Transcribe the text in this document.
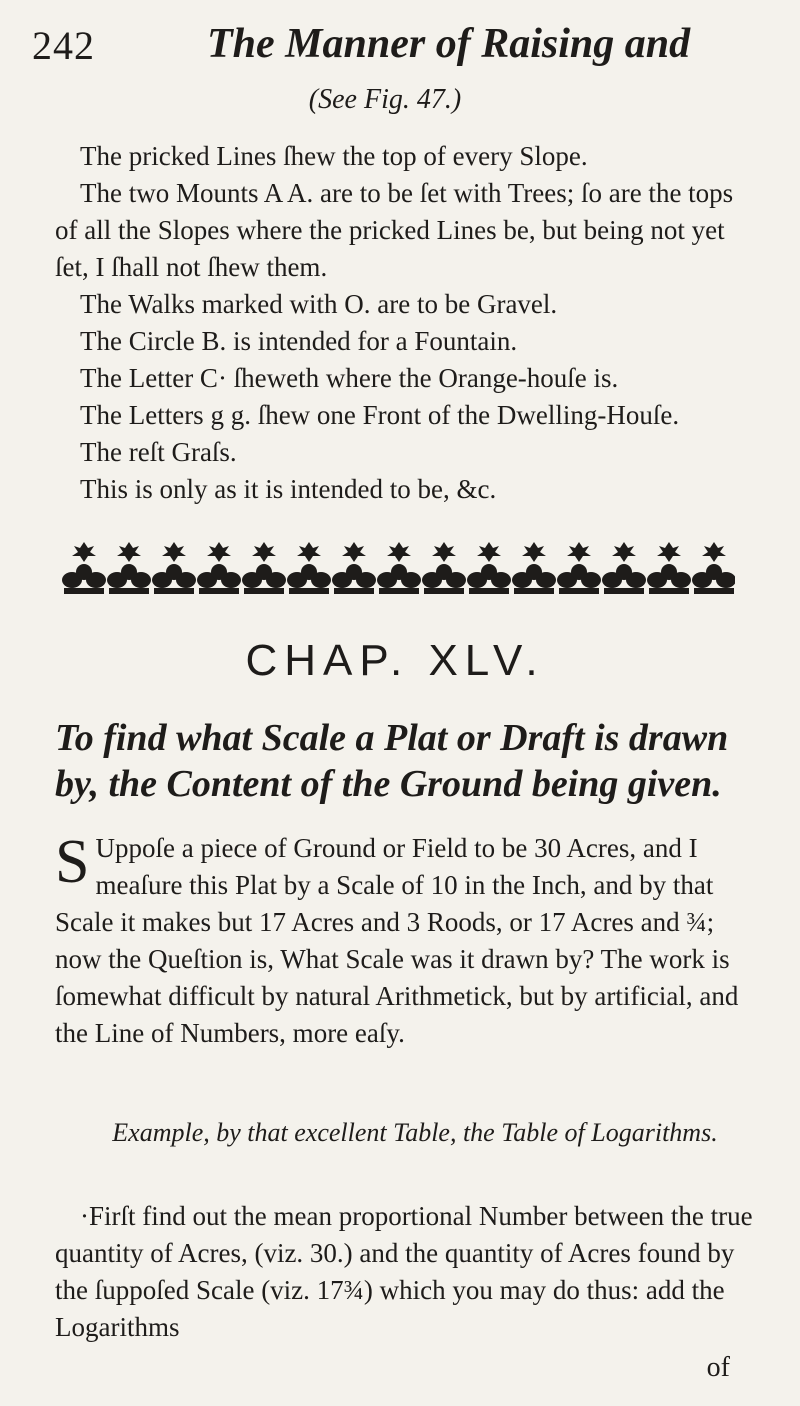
242	The Manner of Raising and
(See Fig. 47.)

The pricked Lines ſhew the top of every Slope.

The two Mounts A A. are to be ſet with Trees; ſo are the tops of all the Slopes where the pricked Lines be, but being not yet ſet, I ſhall not ſhew them.

The Walks marked with O. are to be Gravel.

The Circle B. is intended for a Fountain.

The Letter C· ſheweth where the Orange-houſe is.

The Letters g g. ſhew one Front of the Dwelling-Houſe.

The reſt Graſs.

This is only as it is intended to be, &c.

CHAP. XLV.
To find what Scale a Plat or Draft is drawn by, the Content of the Ground being given.
S Uppoſe a piece of Ground or Field to be 30 Acres, and I meaſure this Plat by a Scale of 10 in the Inch, and by that Scale it makes but 17 Acres and 3 Roods, or 17 Acres and ¾; now the Queſtion is, What Scale was it drawn by? The work is ſomewhat difficult by natural Arithmetick, but by artificial, and the Line of Numbers, more eaſy.
Example, by that excellent Table, the Table of Logarithms.

·Firſt find out the mean proportional Number between the true quantity of Acres, (viz. 30.) and the quantity of Acres found by the ſuppoſed Scale (viz. 17¾) which you may do thus: add the Logarithms

of
